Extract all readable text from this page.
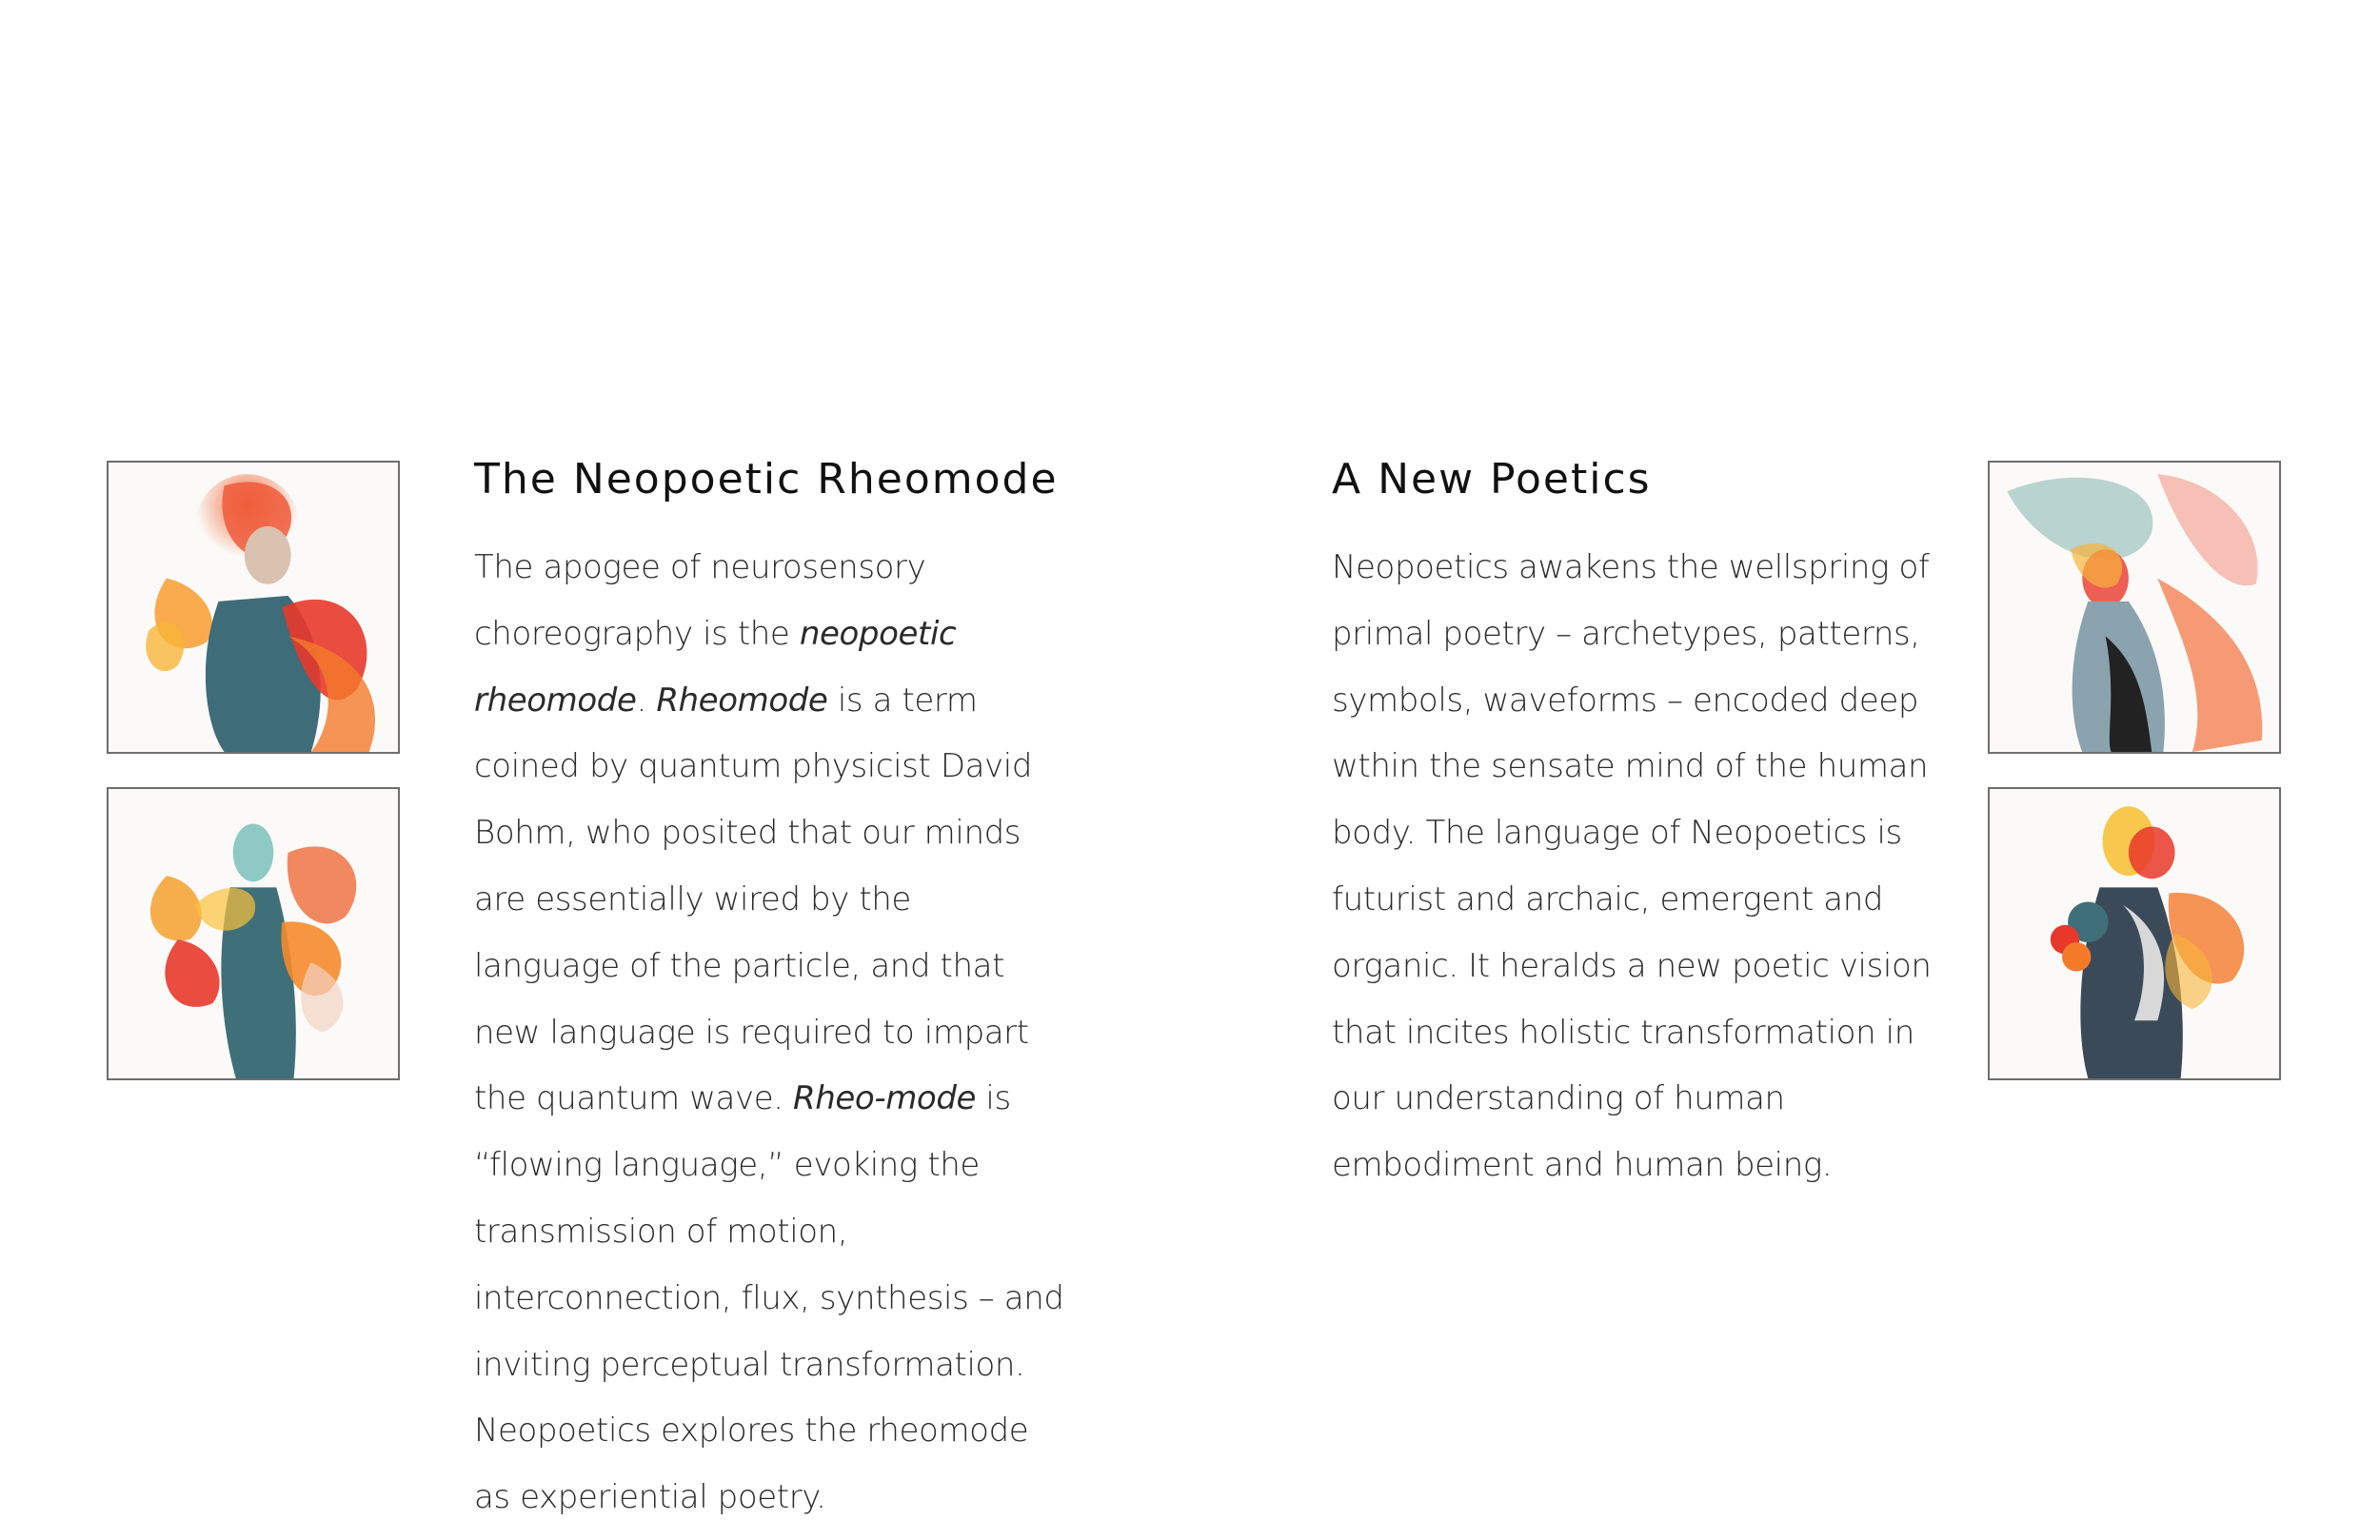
The Neopoetic Rheomode

The apogee of neurosensory choreography is the neopoetic rheomode. Rheomode is a term coined by quantum physicist David Bohm, who posited that our minds are essentially wired by the language of the particle, and that new language is required to impart the quantum wave. Rheo-mode is “flowing language,” evoking the transmission of motion, interconnection, flux, synthesis – and inviting perceptual transformation. Neopoetics explores the rheomode as experiential poetry.

A New Poetics

Neopoetics awakens the wellspring of primal poetry – archetypes, patterns, symbols, waveforms – encoded deep wthin the sensate mind of the human body. The language of Neopoetics is futurist and archaic, emergent and organic. It heralds a new poetic vision that incites holistic transformation in our understanding of human embodiment and human being.
